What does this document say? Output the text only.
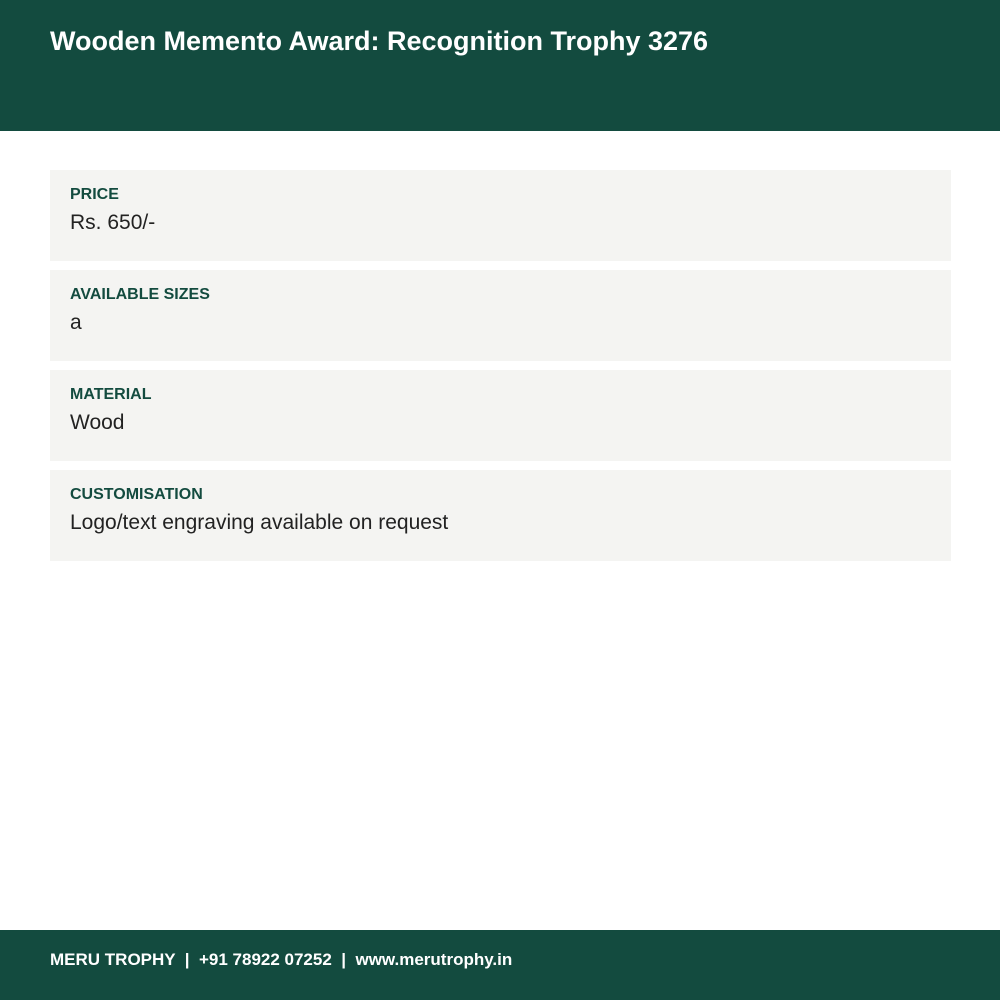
Wooden Memento Award: Recognition Trophy 3276
PRICE
Rs. 650/-
AVAILABLE SIZES
a
MATERIAL
Wood
CUSTOMISATION
Logo/text engraving available on request
MERU TROPHY  |  +91 78922 07252  |  www.merutrophy.in
